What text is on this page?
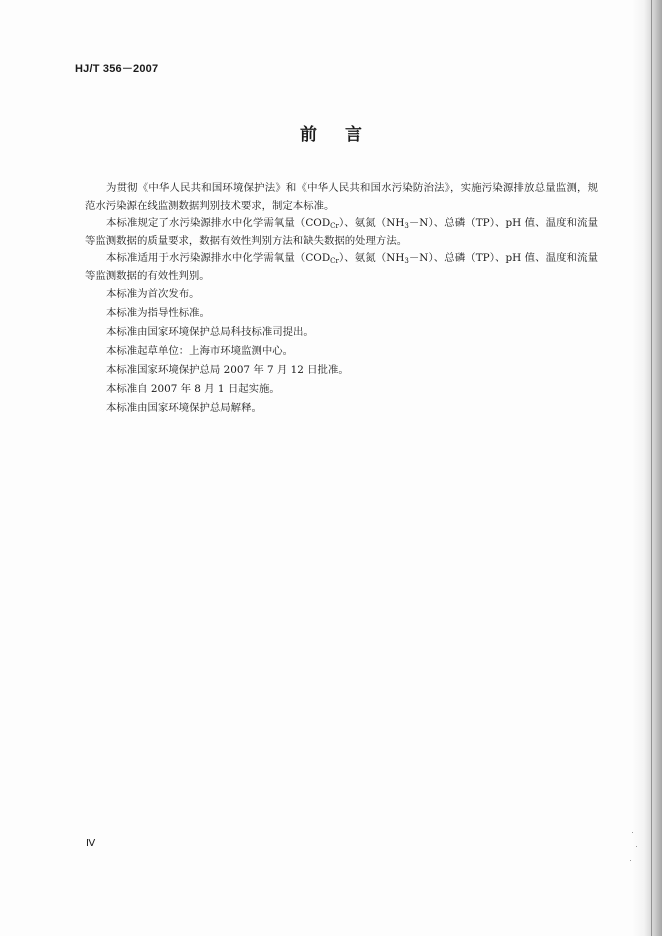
HJ/T 356－2007
前言

为贯彻《中华人民共和国环境保护法》和《中华人民共和国水污染防治法》，实施污染源排放总量监测，规范水污染源在线监测数据判别技术要求，制定本标准。

本标准规定了水污染源排水中化学需氧量$(COD_{Cr})$、氨氮$(NH_3-N)$、总磷（TP）、pH 值、温度和流量等监测数据的质量要求，数据有效性判别方法和缺失数据的处理方法。

本标准适用于水污染源排水中化学需氧量$(COD_{Cr})$、氨氮$(NH_3-N)$、总磷（TP）、pH 值、温度和流量等监测数据的有效性判别。

本标准为首次发布。

本标准为指导性标准。

本标准由国家环境保护总局科技标准司提出。

本标准起草单位：上海市环境监测中心。

本标准国家环境保护总局 2007 年 7 月 12 日批准。

本标准自 2007 年 8 月 1 日起实施。

本标准由国家环境保护总局解释。

Ⅳ
